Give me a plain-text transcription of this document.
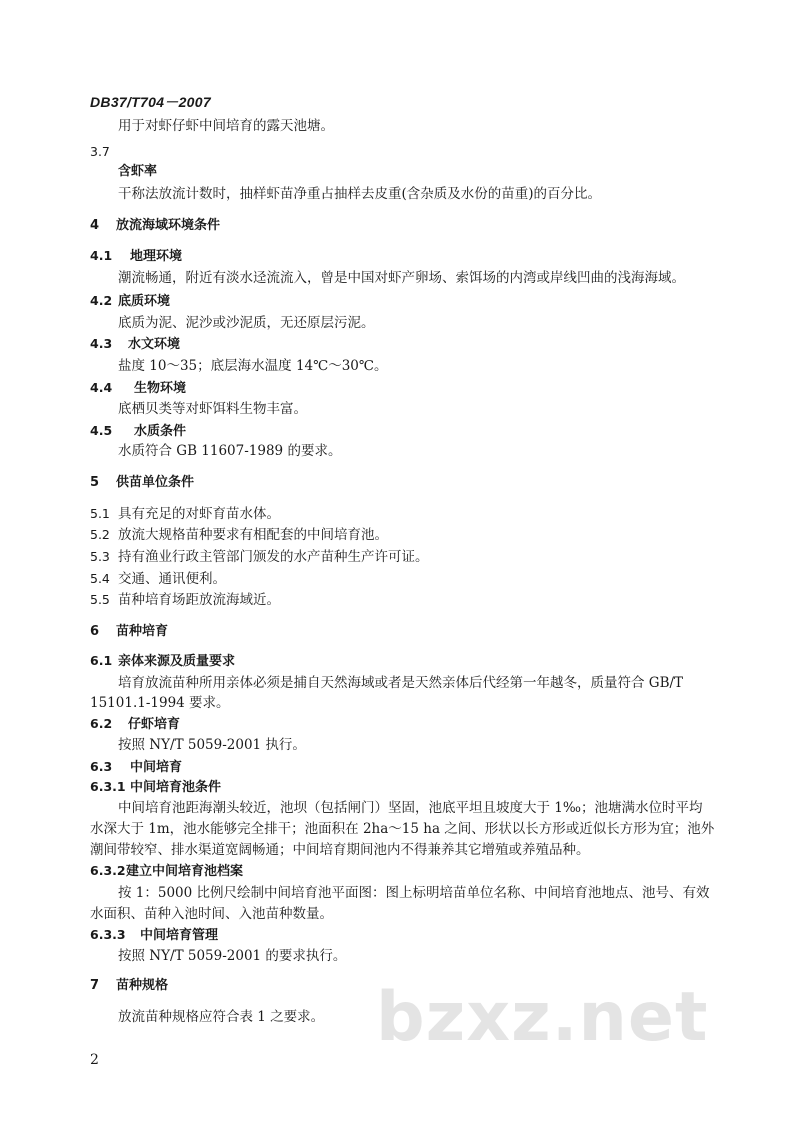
DB37/T704－2007
用于对虾仔虾中间培育的露天池塘。
3.7
含虾率
干称法放流计数时，抽样虾苗净重占抽样去皮重(含杂质及水份的苗重)的百分比。
4 放流海域环境条件
4.1 地理环境
潮流畅通，附近有淡水迳流流入，曾是中国对虾产卵场、索饵场的内湾或岸线凹曲的浅海海域。
4.2 底质环境
底质为泥、泥沙或沙泥质，无还原层污泥。
4.3 水文环境
盐度 10～35；底层海水温度 14℃～30℃。
4.4 生物环境
底栖贝类等对虾饵料生物丰富。
4.5 水质条件
水质符合 GB 11607-1989 的要求。
5 供苗单位条件
5.1 具有充足的对虾育苗水体。
5.2 放流大规格苗种要求有相配套的中间培育池。
5.3 持有渔业行政主管部门颁发的水产苗种生产许可证。
5.4 交通、通讯便利。
5.5 苗种培育场距放流海域近。
6 苗种培育
6.1 亲体来源及质量要求
培育放流苗种所用亲体必须是捕自天然海域或者是天然亲体后代经第一年越冬，质量符合 GB/T
15101.1-1994 要求。
6.2 仔虾培育
按照 NY/T 5059-2001 执行。
6.3 中间培育
6.3.1 中间培育池条件
中间培育池距海潮头较近，池坝（包括闸门）坚固，池底平坦且坡度大于 1‰；池塘满水位时平均
水深大于 1m，池水能够完全排干；池面积在 2ha～15 ha 之间、形状以长方形或近似长方形为宜；池外
潮间带较窄、排水渠道宽阔畅通；中间培育期间池内不得兼养其它增殖或养殖品种。
6.3.2建立中间培育池档案
按 1：5000 比例尺绘制中间培育池平面图：图上标明培苗单位名称、中间培育池地点、池号、有效
水面积、苗种入池时间、入池苗种数量。
6.3.3 中间培育管理
按照 NY/T 5059-2001 的要求执行。
7 苗种规格
放流苗种规格应符合表 1 之要求。 bzxz.net
2
